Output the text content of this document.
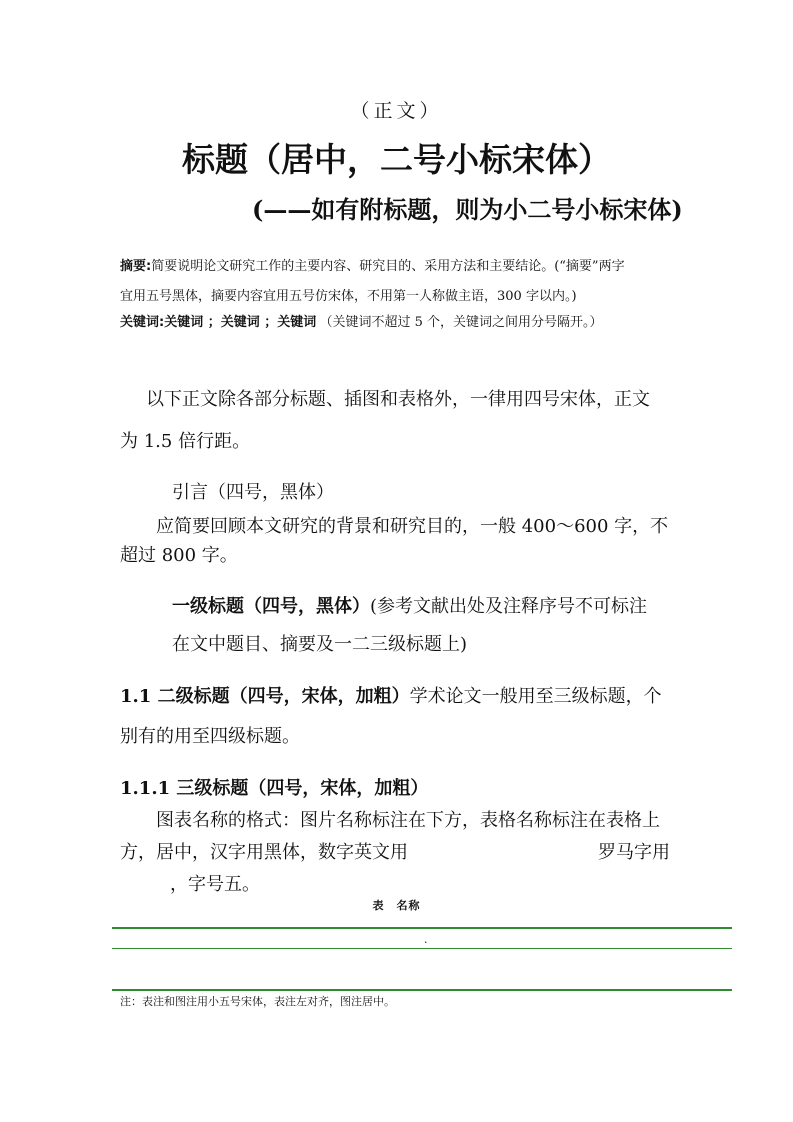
（正文）
标题（居中，二号小标宋体）
(——如有附标题，则为小二号小标宋体)
摘要:简要说明论文研究工作的主要内容、研究目的、采用方法和主要结论。(“摘要”两字
宜用五号黑体，摘要内容宜用五号仿宋体，不用第一人称做主语，300 字以内。)
关键词:关键词 ；关键词 ；关键词 （关键词不超过 5 个，关键词之间用分号隔开。）
以下正文除各部分标题、插图和表格外，一律用四号宋体，正文
为 1.5 倍行距。
引言（四号，黑体）
应简要回顾本文研究的背景和研究目的，一般 400～600 字，不
超过 800 字。
一级标题（四号，黑体）(参考文献出处及注释序号不可标注
在文中题目、摘要及一二三级标题上)
1.1 二级标题（四号，宋体，加粗）学术论文一般用至三级标题，个
别有的用至四级标题。
1.1.1 三级标题（四号，宋体，加粗）
图表名称的格式：图片名称标注在下方，表格名称标注在表格上
方，居中，汉字用黑体，数字英文用	罗马字用
，字号五。
表　名称
.
注：表注和图注用小五号宋体，表注左对齐，图注居中。
